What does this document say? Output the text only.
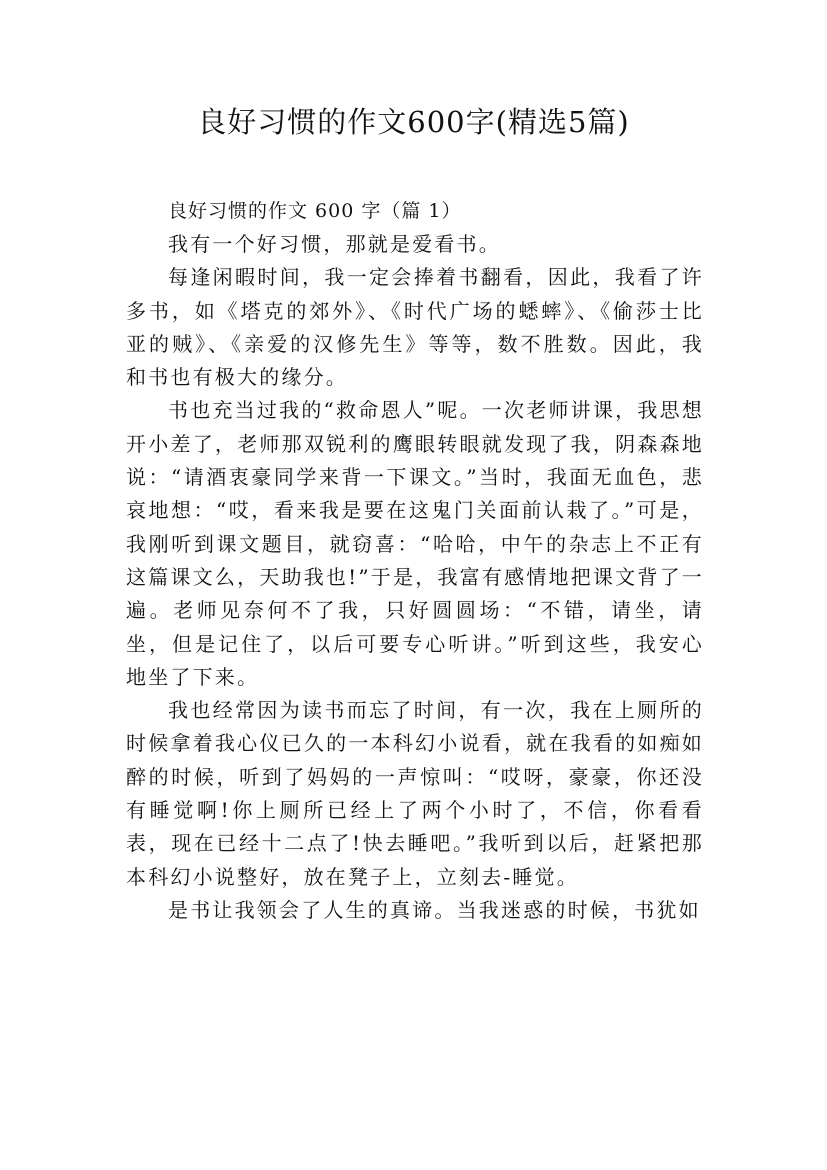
良好习惯的作文600字(精选5篇)

良好习惯的作文 600 字（篇 1）

我有一个好习惯，那就是爱看书。

每逢闲暇时间，我一定会捧着书翻看，因此，我看了许多书，如《塔克的郊外》、《时代广场的蟋蟀》、《偷莎士比亚的贼》、《亲爱的汉修先生》等等，数不胜数。因此，我和书也有极大的缘分。

书也充当过我的“救命恩人”呢。一次老师讲课，我思想开小差了，老师那双锐利的鹰眼转眼就发现了我，阴森森地说：“请酒衷豪同学来背一下课文。”当时，我面无血色，悲哀地想：“哎，看来我是要在这鬼门关面前认栽了。”可是，我刚听到课文题目，就窃喜：“哈哈，中午的杂志上不正有这篇课文么，天助我也!”于是，我富有感情地把课文背了一遍。老师见奈何不了我，只好圆圆场：“不错，请坐，请坐，但是记住了，以后可要专心听讲。”听到这些，我安心地坐了下来。

我也经常因为读书而忘了时间，有一次，我在上厕所的时候拿着我心仪已久的一本科幻小说看，就在我看的如痴如醉的时候，听到了妈妈的一声惊叫：“哎呀，豪豪，你还没有睡觉啊!你上厕所已经上了两个小时了，不信，你看看表，现在已经十二点了!快去睡吧。”我听到以后，赶紧把那本科幻小说整好，放在凳子上，立刻去-睡觉。

是书让我领会了人生的真谛。当我迷惑的时候，书犹如
